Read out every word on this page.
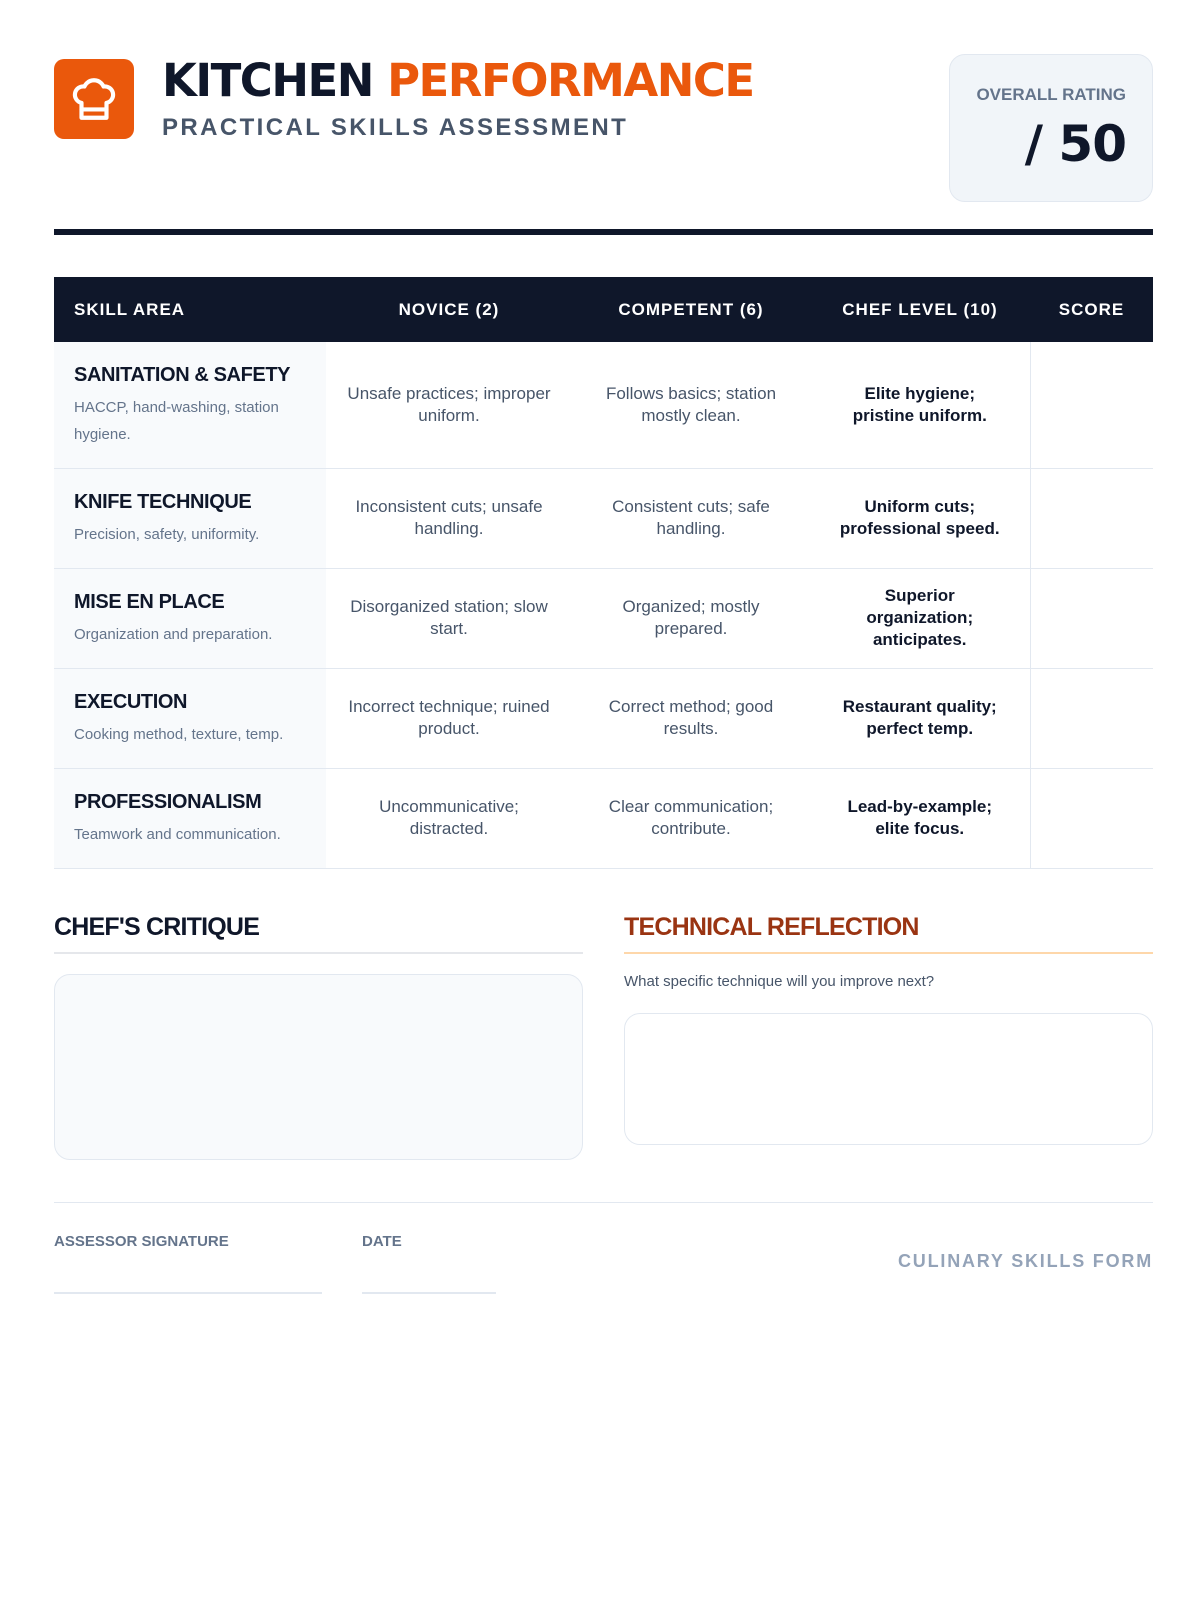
KITCHEN PERFORMANCE
PRACTICAL SKILLS ASSESSMENT
OVERALL RATING
/ 50
SKILL AREA	NOVICE (2)	COMPETENT (6)	CHEF LEVEL (10)	SCORE

SANITATION & SAFETY
HACCP, hand-washing, station hygiene.	Unsafe practices; improper uniform.	Follows basics; station mostly clean.	Elite hygiene; pristine uniform.	

KNIFE TECHNIQUE
Precision, safety, uniformity.	Inconsistent cuts; unsafe handling.	Consistent cuts; safe handling.	Uniform cuts; professional speed.	

MISE EN PLACE
Organization and preparation.	Disorganized station; slow start.	Organized; mostly prepared.	Superior organization; anticipates.	

EXECUTION
Cooking method, texture, temp.	Incorrect technique; ruined product.	Correct method; good results.	Restaurant quality; perfect temp.	

PROFESSIONALISM
Teamwork and communication.	Uncommunicative; distracted.	Clear communication; contribute.	Lead-by-example; elite focus.	
CHEF'S CRITIQUE	TECHNICAL REFLECTION
What specific technique will you improve next?
ASSESSOR SIGNATURE	DATE
CULINARY SKILLS FORM
